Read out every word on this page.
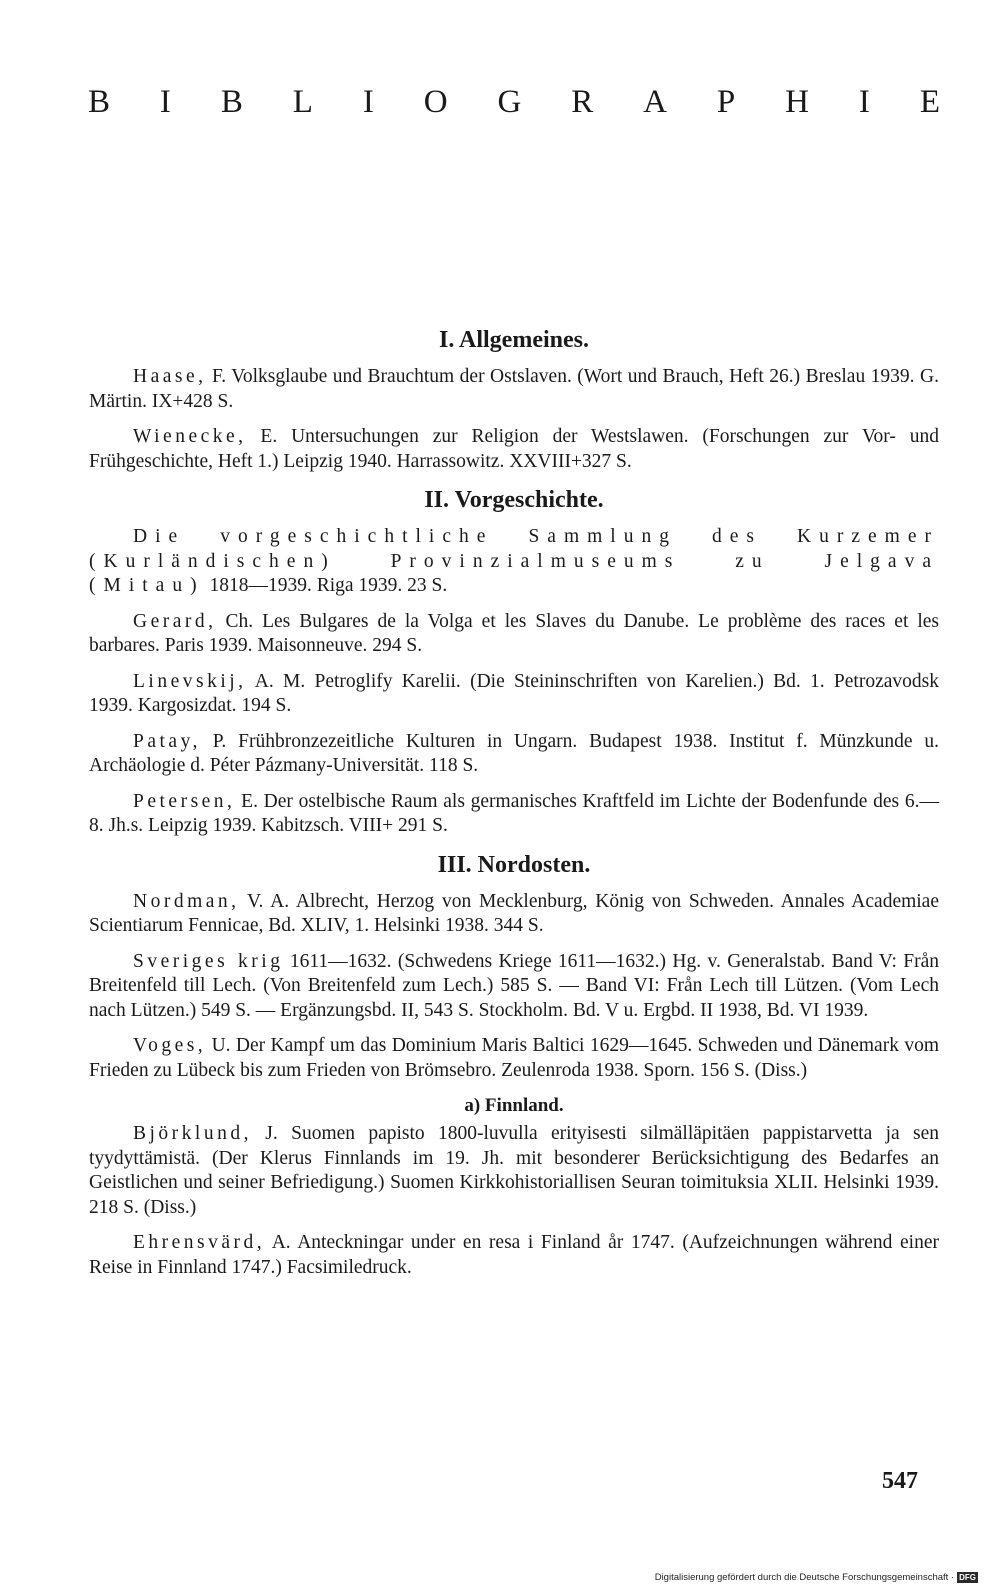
B I B L I O G R A P H I E
I. Allgemeines.

Haase, F. Volksglaube und Brauchtum der Ostslaven. (Wort und Brauch, Heft 26.) Breslau 1939. G. Märtin. IX+428 S.

Wienecke, E. Untersuchungen zur Religion der Westslawen. (Forschungen zur Vor- und Frühgeschichte, Heft 1.) Leipzig 1940. Harrassowitz. XXVIII+327 S.

II. Vorgeschichte.

Die vorgeschichtliche Sammlung des Kurzemer (Kurländischen) Provinzialmuseums zu Jelgava (Mitau) 1818—1939. Riga 1939. 23 S.

Gerard, Ch. Les Bulgares de la Volga et les Slaves du Danube. Le problème des races et les barbares. Paris 1939. Maisonneuve. 294 S.

Linevskij, A. M. Petroglify Karelii. (Die Steininschriften von Karelien.) Bd. 1. Petrozavodsk 1939. Kargosizdat. 194 S.

Patay, P. Frühbronzezeitliche Kulturen in Ungarn. Budapest 1938. Institut f. Münzkunde u. Archäologie d. Péter Pázmany-Universität. 118 S.

Petersen, E. Der ostelbische Raum als germanisches Kraftfeld im Lichte der Bodenfunde des 6.—8. Jh.s. Leipzig 1939. Kabitzsch. VIII+ 291 S.

III. Nordosten.

Nordman, V. A. Albrecht, Herzog von Mecklenburg, König von Schweden. Annales Academiae Scientiarum Fennicae, Bd. XLIV, 1. Helsinki 1938. 344 S.

Sveriges krig 1611—1632. (Schwedens Kriege 1611—1632.) Hg. v. Generalstab. Band V: Från Breitenfeld till Lech. (Von Breitenfeld zum Lech.) 585 S. — Band VI: Från Lech till Lützen. (Vom Lech nach Lützen.) 549 S. — Ergänzungsbd. II, 543 S. Stockholm. Bd. V u. Ergbd. II 1938, Bd. VI 1939.

Voges, U. Der Kampf um das Dominium Maris Baltici 1629—1645. Schweden und Dänemark vom Frieden zu Lübeck bis zum Frieden von Brömsebro. Zeulenroda 1938. Sporn. 156 S. (Diss.)

a) Finnland.

Björklund, J. Suomen papisto 1800-luvulla erityisesti silmälläpitäen pappistarvetta ja sen tyydyttämistä. (Der Klerus Finnlands im 19. Jh. mit besonderer Berücksichtigung des Bedarfes an Geistlichen und seiner Befriedigung.) Suomen Kirkkohistoriallisen Seuran toimituksia XLII. Helsinki 1939. 218 S. (Diss.)

Ehrensvärd, A. Anteckningar under en resa i Finland år 1747. (Aufzeichnungen während einer Reise in Finnland 1747.) Facsimiledruck.

547
Digitalisierung gefördert durch die Deutsche Forschungsgemeinschaft · DFG
